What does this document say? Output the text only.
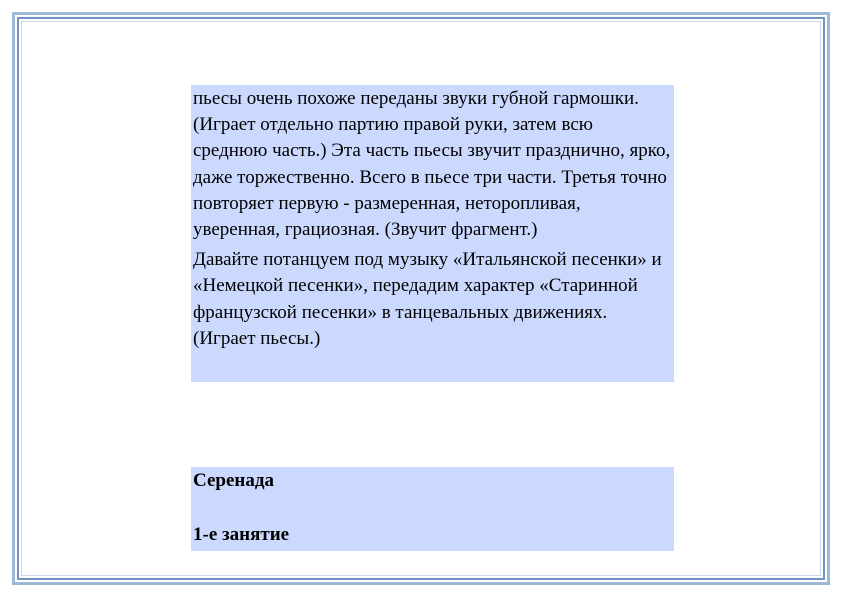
пьесы очень похоже переданы звуки губной гармошки. (Играет отдельно партию правой руки, затем всю среднюю часть.) Эта часть пьесы звучит празднично, ярко, даже торжественно. Всего в пьесе три части. Третья точно повторяет первую - размеренная, неторопливая, уверенная, грациозная. (Звучит фрагмент.)

Давайте потанцуем под музыку «Итальянской песенки» и «Немецкой песенки», передадим характер «Старинной французской песенки» в танцевальных движениях. (Играет пьесы.)

Серенада
1-е занятие
